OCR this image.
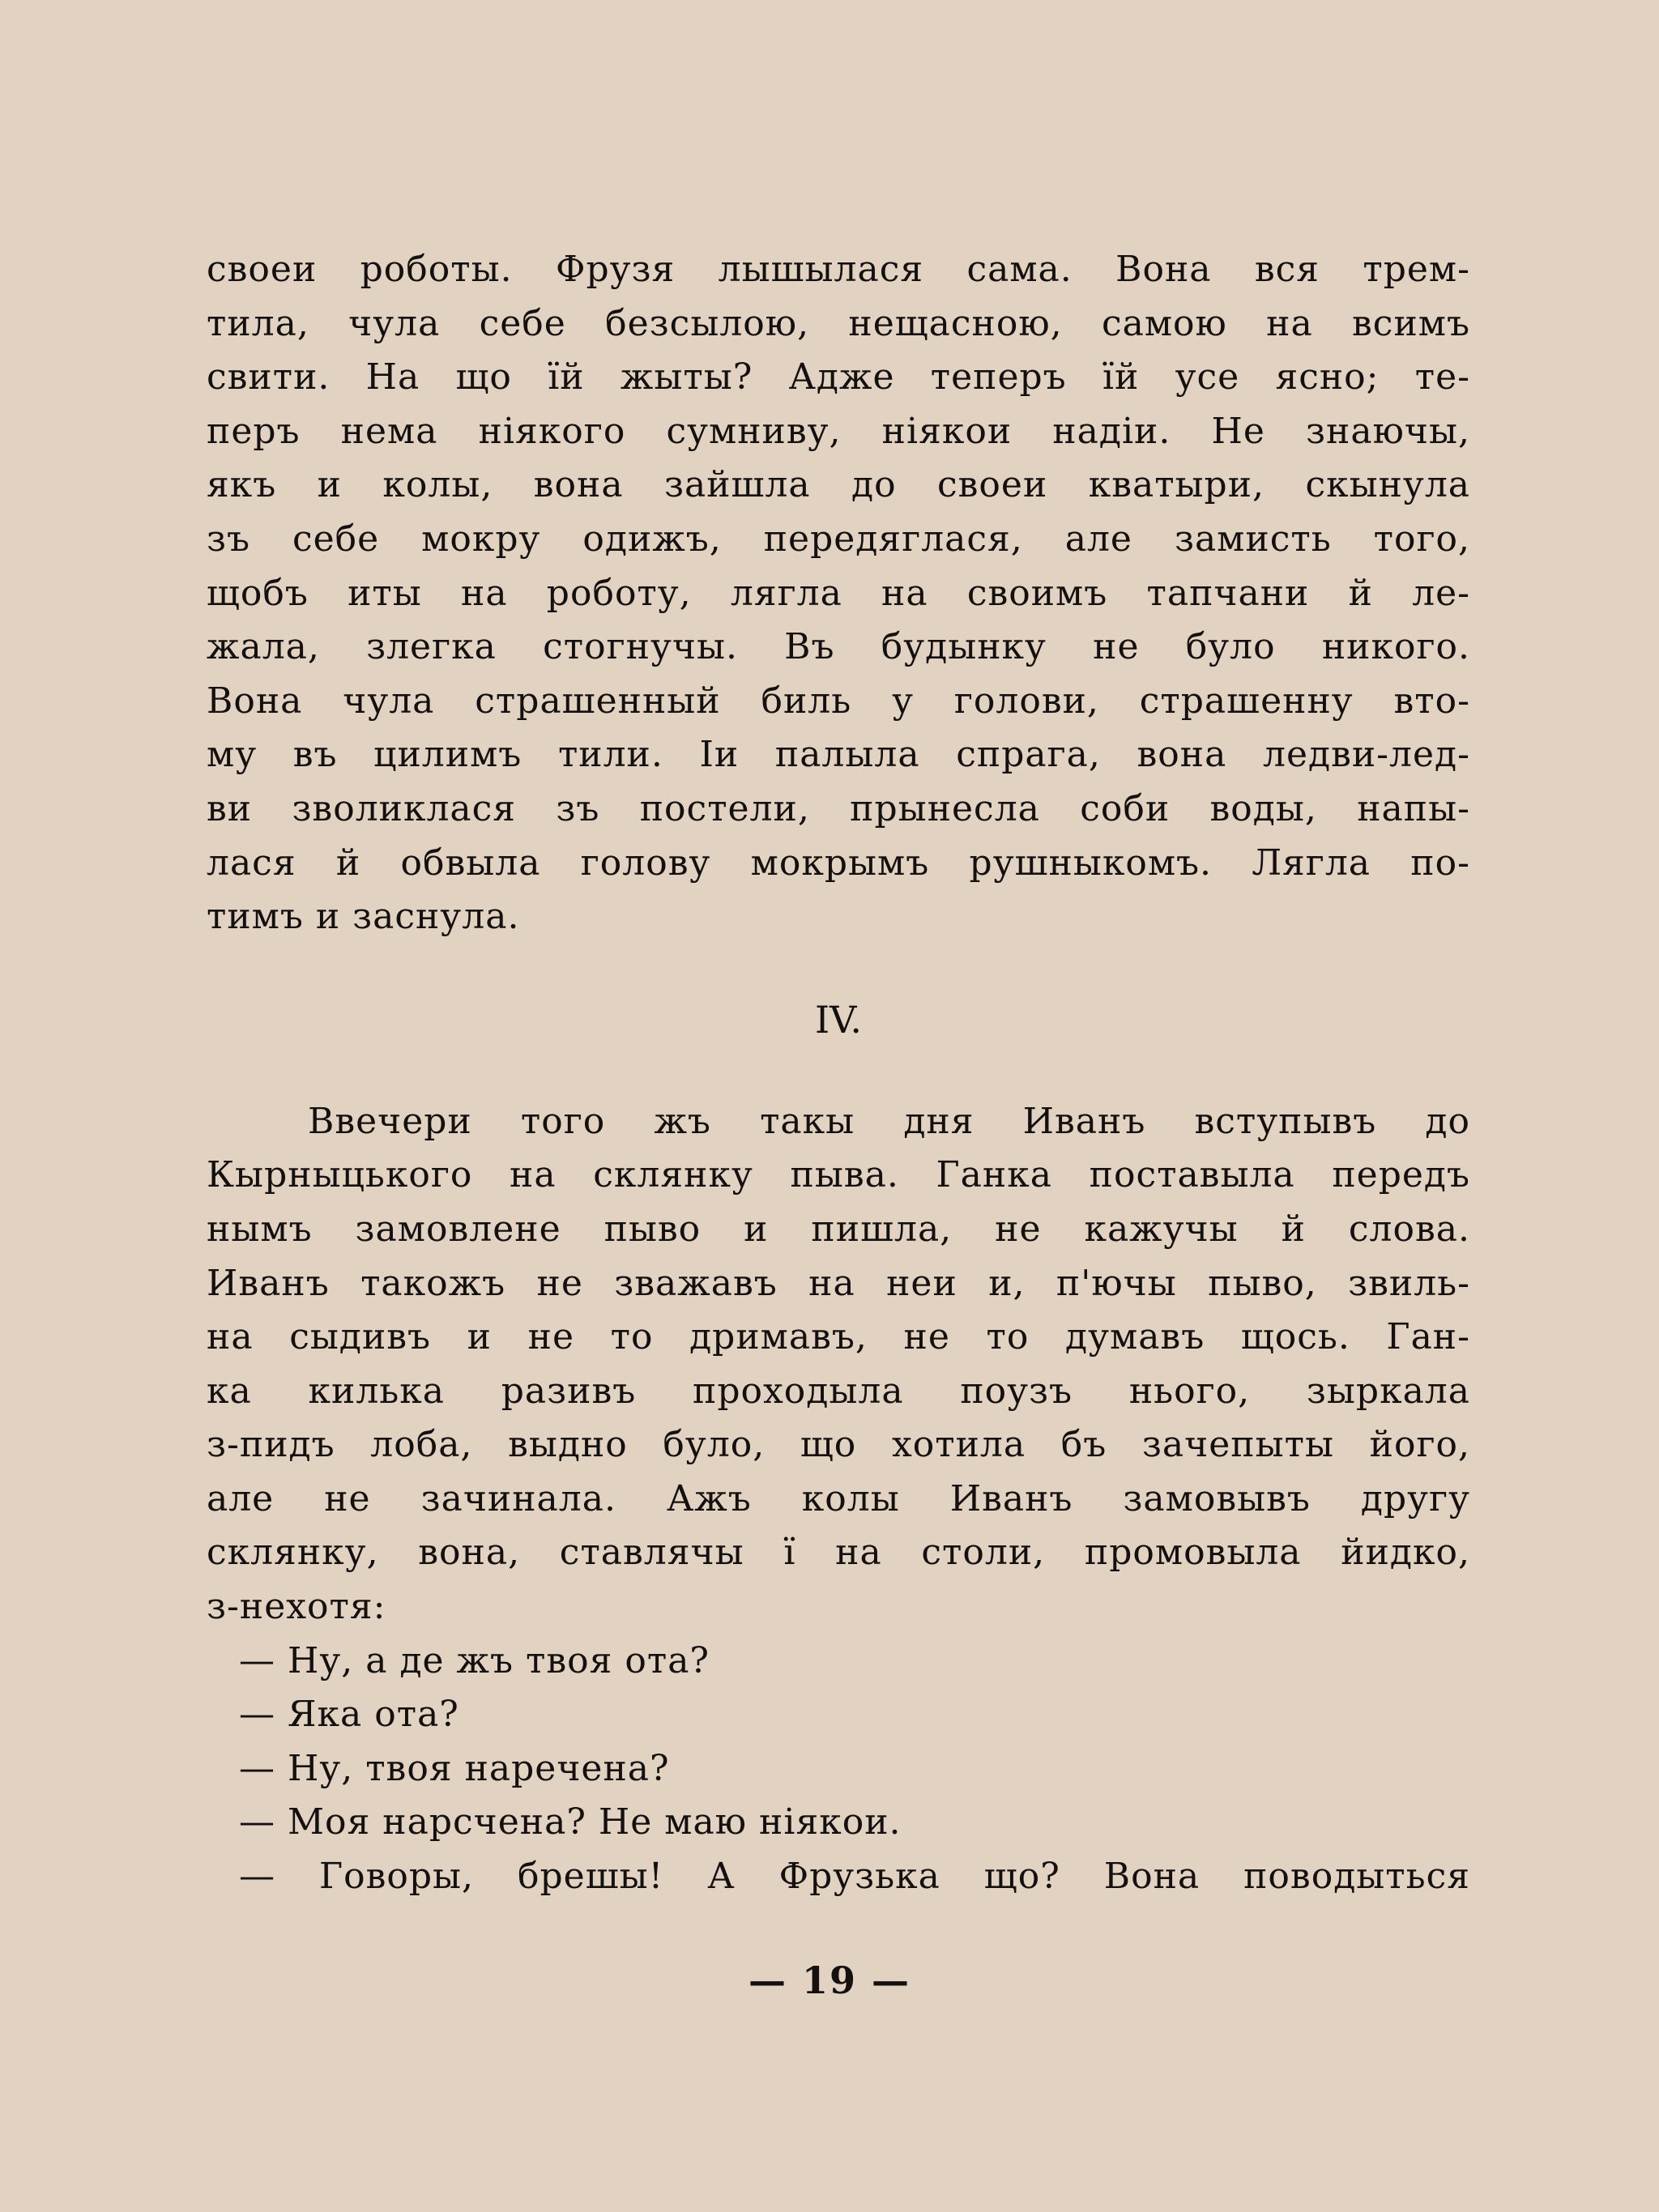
своеи роботы. Фрузя лышылася сама. Вона вся трем-
тила, чула себе безсылою, нещасною, самою на всимъ
свити. На що їй жыты? Адже теперъ їй усе ясно; те-
перъ нема ніякого сумниву, ніякои надіи. Не знаючы,
якъ и колы, вона зайшла до своеи кватыри, скынула
зъ себе мокру одижъ, передяглася, але замисть того,
щобъ иты на роботу, лягла на своимъ тапчани й ле-
жала, злегка стогнучы. Въ будынку не було никого.
Вона чула страшенный биль у голови, страшенну вто-
му въ цилимъ тили. Іи палыла спрага, вона ледви-лед-
ви зволиклася зъ постели, прынесла соби воды, напы-
лася й обвыла голову мокрымъ рушныкомъ. Лягла по-
тимъ и заснула.
IV.
Ввечери того жъ такы дня Иванъ вступывъ до
Кырныцького на склянку пыва. Ганка поставыла передъ
нымъ замовлене пыво и пишла, не кажучы й слова.
Иванъ такожъ не зважавъ на неи и, п'ючы пыво, звиль-
на сыдивъ и не то дримавъ, не то думавъ щось. Ган-
ка килька разивъ проходыла поузъ нього, зыркала
з-пидъ лоба, выдно було, що хотила бъ зачепыты його,
але не зачинала. Ажъ колы Иванъ замовывъ другу
склянку, вона, ставлячы ї на столи, промовыла йидко,
з-нехотя:
— Ну, а де жъ твоя ота?
— Яка ота?
— Ну, твоя наречена?
— Моя нарсчена? Не маю ніякои.
— Говоры, брешы! А Фрузька що? Вона поводыться
— 19 —
